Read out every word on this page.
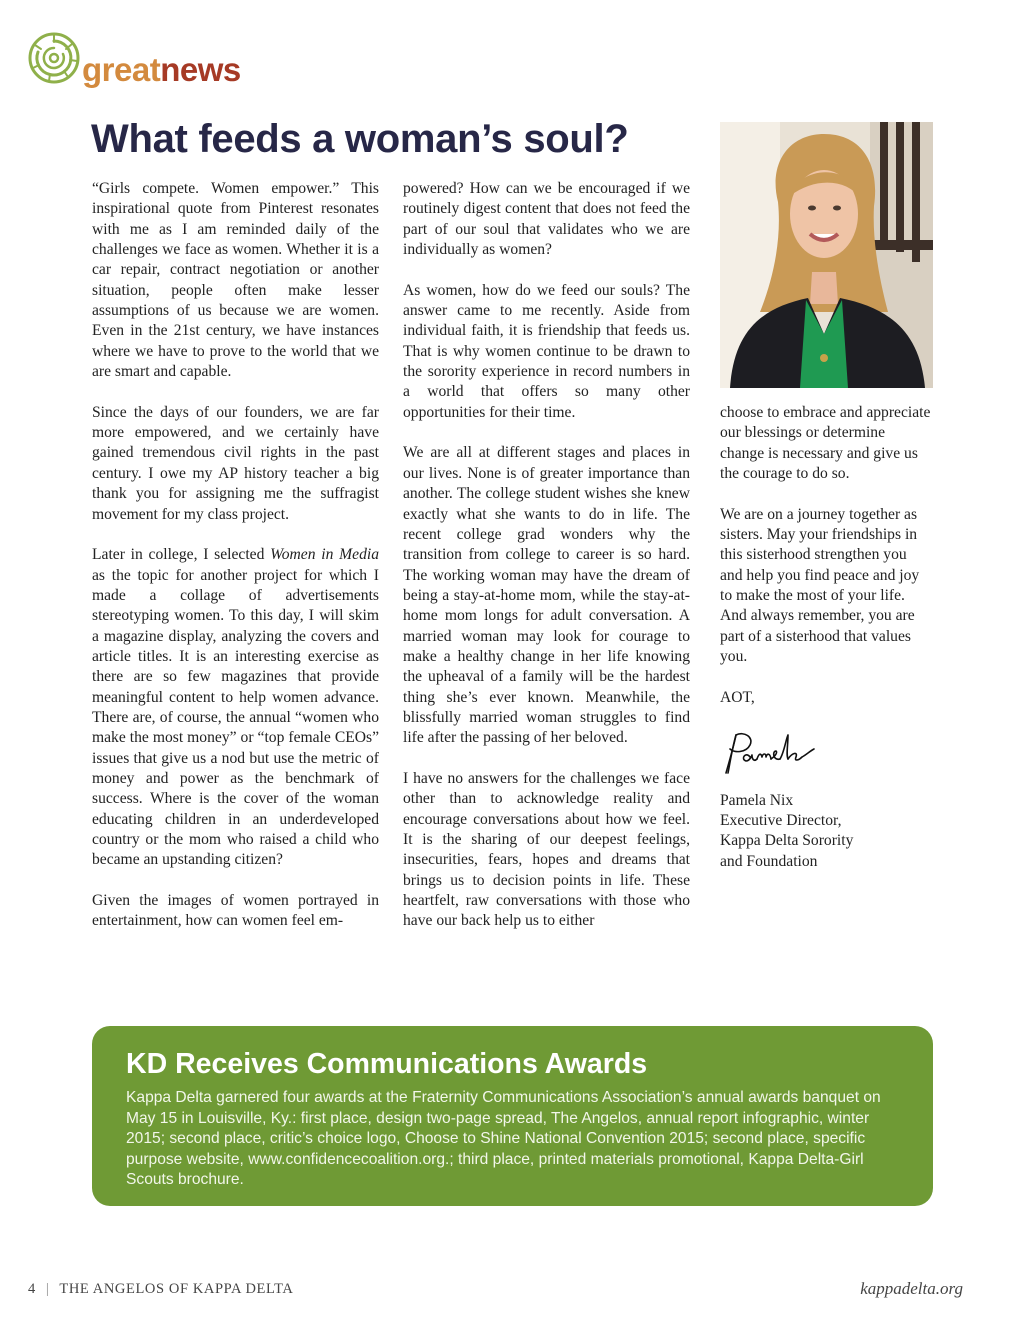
greatnews
What feeds a woman’s soul?

“Girls compete. Women empower.” This inspirational quote from Pinterest resonates with me as I am reminded daily of the challenges we face as women. Whether it is a car repair, contract negotiation or another situation, people often make lesser assumptions of us because we are women. Even in the 21st century, we have instances where we have to prove to the world that we are smart and capable.

Since the days of our founders, we are far more empowered, and we certainly have gained tremendous civil rights in the past century. I owe my AP history teacher a big thank you for assigning me the suffragist movement for my class project.

Later in college, I selected Women in Media as the topic for another project for which I made a collage of advertisements stereotyping women. To this day, I will skim a magazine display, analyzing the covers and article titles. It is an interesting exercise as there are so few magazines that provide meaningful content to help women advance. There are, of course, the annual “women who make the most money” or “top female CEOs” issues that give us a nod but use the metric of money and power as the benchmark of success. Where is the cover of the woman educating children in an underdeveloped country or the mom who raised a child who became an upstanding citizen?

Given the images of women portrayed in entertainment, how can women feel em-

powered? How can we be encouraged if we routinely digest content that does not feed the part of our soul that validates who we are individually as women?

As women, how do we feed our souls? The answer came to me recently. Aside from individual faith, it is friendship that feeds us. That is why women continue to be drawn to the sorority experience in record numbers in a world that offers so many other opportunities for their time.

We are all at different stages and places in our lives. None is of greater importance than another. The college student wishes she knew exactly what she wants to do in life. The recent college grad wonders why the transition from college to career is so hard. The working woman may have the dream of being a stay-at-home mom, while the stay-at-home mom longs for adult conversation. A married woman may look for courage to make a healthy change in her life knowing the upheaval of a family will be the hardest thing she’s ever known. Meanwhile, the blissfully married woman struggles to find life after the passing of her beloved.

I have no answers for the challenges we face other than to acknowledge reality and encourage conversations about how we feel. It is the sharing of our deepest feelings, insecurities, fears, hopes and dreams that brings us to decision points in life. These heartfelt, raw conversations with those who have our back help us to either

choose to embrace and appreciate our blessings or determine change is necessary and give us the courage to do so.

We are on a journey together as sisters. May your friendships in this sisterhood strengthen you and help you find peace and joy to make the most of your life. And always remember, you are part of a sisterhood that values you.

AOT,

Pamela Nix
Executive Director,
Kappa Delta Sorority
and Foundation
KD Receives Communications Awards

Kappa Delta garnered four awards at the Fraternity Communications Association’s annual awards banquet on May 15 in Louisville, Ky.: first place, design two-page spread, The Angelos, annual report infographic, winter 2015; second place, critic’s choice logo, Choose to Shine National Convention 2015; second place, specific purpose website, www.confidencecoalition.org.; third place, printed materials promotional, Kappa Delta-Girl Scouts brochure.

4 | THE ANGELOS OF KAPPA DELTA	kappadelta.org
